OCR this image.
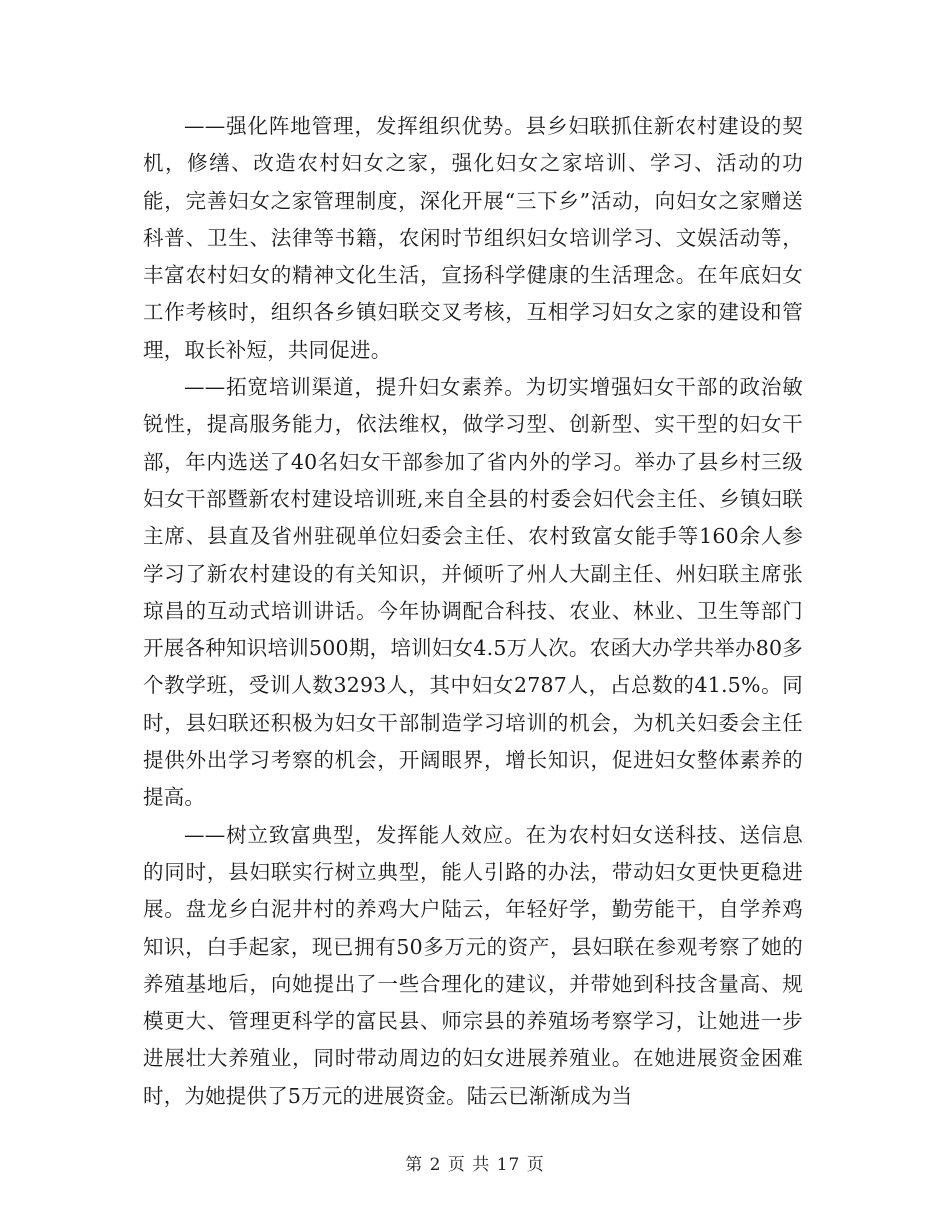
——强化阵地管理，发挥组织优势。县乡妇联抓住新农村建设的契机，修缮、改造农村妇女之家，强化妇女之家培训、学习、活动的功能，完善妇女之家管理制度，深化开展“三下乡”活动，向妇女之家赠送科普、卫生、法律等书籍，农闲时节组织妇女培训学习、文娱活动等，丰富农村妇女的精神文化生活，宣扬科学健康的生活理念。在年底妇女工作考核时，组织各乡镇妇联交叉考核，互相学习妇女之家的建设和管理，取长补短，共同促进。

——拓宽培训渠道，提升妇女素养。为切实增强妇女干部的政治敏锐性，提高服务能力，依法维权，做学习型、创新型、实干型的妇女干部，年内选送了40名妇女干部参加了省内外的学习。举办了县乡村三级妇女干部暨新农村建设培训班,来自全县的村委会妇代会主任、乡镇妇联主席、县直及省州驻砚单位妇委会主任、农村致富女能手等160余人参学习了新农村建设的有关知识，并倾听了州人大副主任、州妇联主席张琼昌的互动式培训讲话。今年协调配合科技、农业、林业、卫生等部门开展各种知识培训500期，培训妇女4.5万人次。农函大办学共举办80多个教学班，受训人数3293人，其中妇女2787人，占总数的41.5%。同时，县妇联还积极为妇女干部制造学习培训的机会，为机关妇委会主任提供外出学习考察的机会，开阔眼界，增长知识，促进妇女整体素养的提高。

——树立致富典型，发挥能人效应。在为农村妇女送科技、送信息的同时，县妇联实行树立典型，能人引路的办法，带动妇女更快更稳进展。盘龙乡白泥井村的养鸡大户陆云，年轻好学，勤劳能干，自学养鸡知识，白手起家，现已拥有50多万元的资产，县妇联在参观考察了她的养殖基地后，向她提出了一些合理化的建议，并带她到科技含量高、规模更大、管理更科学的富民县、师宗县的养殖场考察学习，让她进一步进展壮大养殖业，同时带动周边的妇女进展养殖业。在她进展资金困难时，为她提供了5万元的进展资金。陆云已渐渐成为当

第 2 页 共 17 页
